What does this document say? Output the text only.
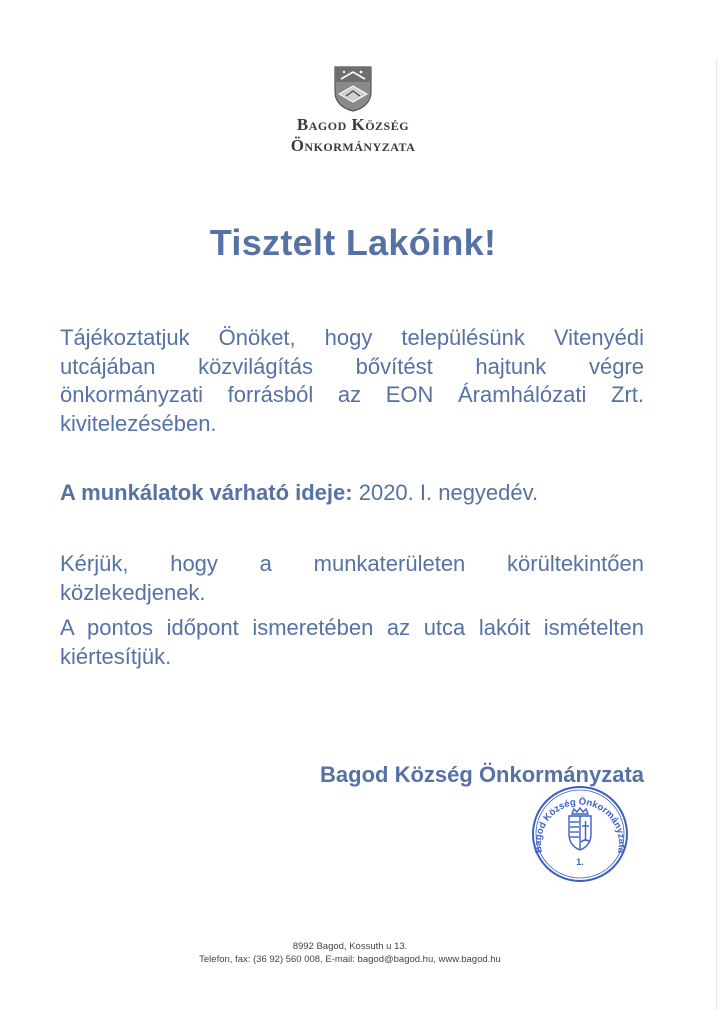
Bagod Község
Önkormányzata
Tisztelt Lakóink!
Tájékoztatjuk Önöket, hogy településünk Vitenyédi utcájában közvilágítás bővítést hajtunk végre önkormányzati forrásból az EON Áramhálózati Zrt. kivitelezésében.
A munkálatok várható ideje: 2020. I. negyedév.
Kérjük, hogy a munkaterületen körültekintően közlekedjenek.
A pontos időpont ismeretében az utca lakóit ismételten kiértesítjük.
Bagod Község Önkormányzata
1.
Bagod Község Önkormányzata
8992 Bagod, Kossuth u 13.
Telefon, fax: (36 92) 560 008, E-mail: bagod@bagod.hu, www.bagod.hu
